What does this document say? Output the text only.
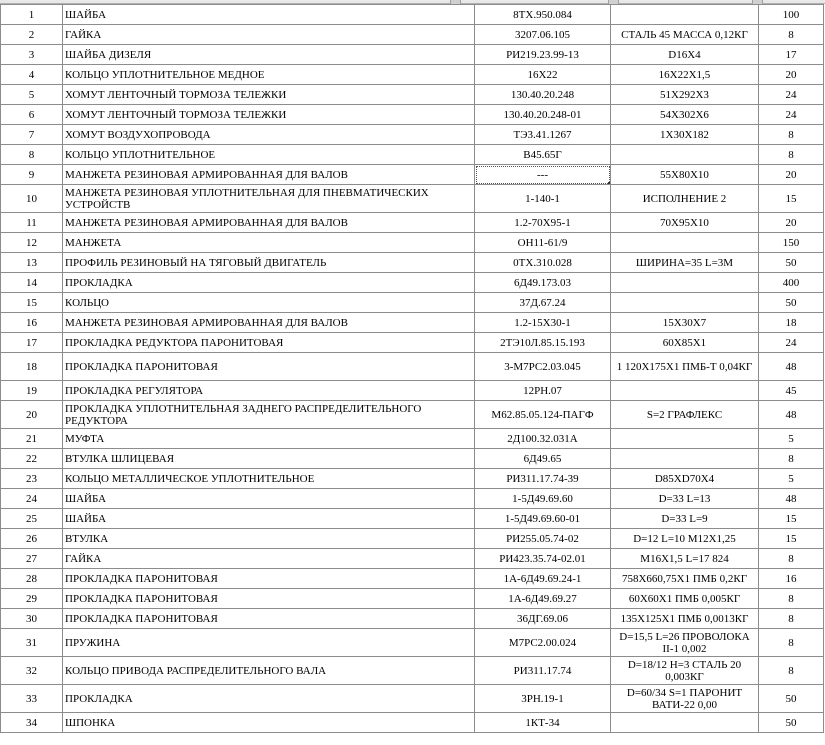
1	ШАЙБА	8ТХ.950.084		100
2	ГАЙКА	3207.06.105	СТАЛЬ 45 МАССА 0,12КГ	8
3	ШАЙБА ДИЗЕЛЯ	РИ219.23.99-13	D16X4	17
4	КОЛЬЦО УПЛОТНИТЕЛЬНОЕ МЕДНОЕ	16X22	16X22X1,5	20
5	ХОМУТ ЛЕНТОЧНЫЙ ТОРМОЗА ТЕЛЕЖКИ	130.40.20.248	51X292X3	24
6	ХОМУТ ЛЕНТОЧНЫЙ ТОРМОЗА ТЕЛЕЖКИ	130.40.20.248-01	54X302X6	24
7	ХОМУТ ВОЗДУХОПРОВОДА	ТЭ3.41.1267	1X30X182	8
8	КОЛЬЦО УПЛОТНИТЕЛЬНОЕ	В45.65Г		8
9	МАНЖЕТА РЕЗИНОВАЯ АРМИРОВАННАЯ ДЛЯ ВАЛОВ	---	55X80X10	20
10	МАНЖЕТА РЕЗИНОВАЯ УПЛОТНИТЕЛЬНАЯ ДЛЯ ПНЕВМАТИЧЕСКИХ УСТРОЙСТВ	1-140-1	ИСПОЛНЕНИЕ 2	15
11	МАНЖЕТА РЕЗИНОВАЯ АРМИРОВАННАЯ ДЛЯ ВАЛОВ	1.2-70X95-1	70X95X10	20
12	МАНЖЕТА	ОН11-61/9		150
13	ПРОФИЛЬ РЕЗИНОВЫЙ НА ТЯГОВЫЙ ДВИГАТЕЛЬ	0ТХ.310.028	ШИРИНА=35 L=3М	50
14	ПРОКЛАДКА	6Д49.173.03		400
15	КОЛЬЦО	37Д.67.24		50
16	МАНЖЕТА РЕЗИНОВАЯ АРМИРОВАННАЯ ДЛЯ ВАЛОВ	1.2-15X30-1	15X30X7	18
17	ПРОКЛАДКА РЕДУКТОРА ПАРОНИТОВАЯ	2ТЭ10Л.85.15.193	60X85X1	24
18	ПРОКЛАДКА ПАРОНИТОВАЯ	3-М7РС2.03.045	1 120X175X1 ПМБ-Т 0,04КГ	48
19	ПРОКЛАДКА РЕГУЛЯТОРА	12РН.07		45
20	ПРОКЛАДКА УПЛОТНИТЕЛЬНАЯ ЗАДНЕГО РАСПРЕДЕЛИТЕЛЬНОГО РЕДУКТОРА	М62.85.05.124-ПАГФ	S=2 ГРАФЛЕКС	48
21	МУФТА	2Д100.32.031А		5
22	ВТУЛКА ШЛИЦЕВАЯ	6Д49.65		8
23	КОЛЬЦО МЕТАЛЛИЧЕСКОЕ УПЛОТНИТЕЛЬНОЕ	РИ311.17.74-39	D85XD70X4	5
24	ШАЙБА	1-5Д49.69.60	D=33 L=13	48
25	ШАЙБА	1-5Д49.69.60-01	D=33 L=9	15
26	ВТУЛКА	РИ255.05.74-02	D=12 L=10 M12X1,25	15
27	ГАЙКА	РИ423.35.74-02.01	M16X1,5 L=17 824	8
28	ПРОКЛАДКА ПАРОНИТОВАЯ	1А-6Д49.69.24-1	758X660,75X1 ПМБ 0,2КГ	16
29	ПРОКЛАДКА ПАРОНИТОВАЯ	1А-6Д49.69.27	60X60X1 ПМБ 0,005КГ	8
30	ПРОКЛАДКА ПАРОНИТОВАЯ	36ДГ.69.06	135X125X1 ПМБ 0,0013КГ	8
31	ПРУЖИНА	М7РС2.00.024	D=15,5 L=26 ПРОВОЛОКА II-1 0,002	8
32	КОЛЬЦО ПРИВОДА РАСПРЕДЕЛИТЕЛЬНОГО ВАЛА	РИ311.17.74	D=18/12 H=3 СТАЛЬ 20 0,003КГ	8
33	ПРОКЛАДКА	3РН.19-1	D=60/34 S=1 ПАРОНИТ ВАТИ-22 0,00	50
34	ШПОНКА	1КТ-34		50
